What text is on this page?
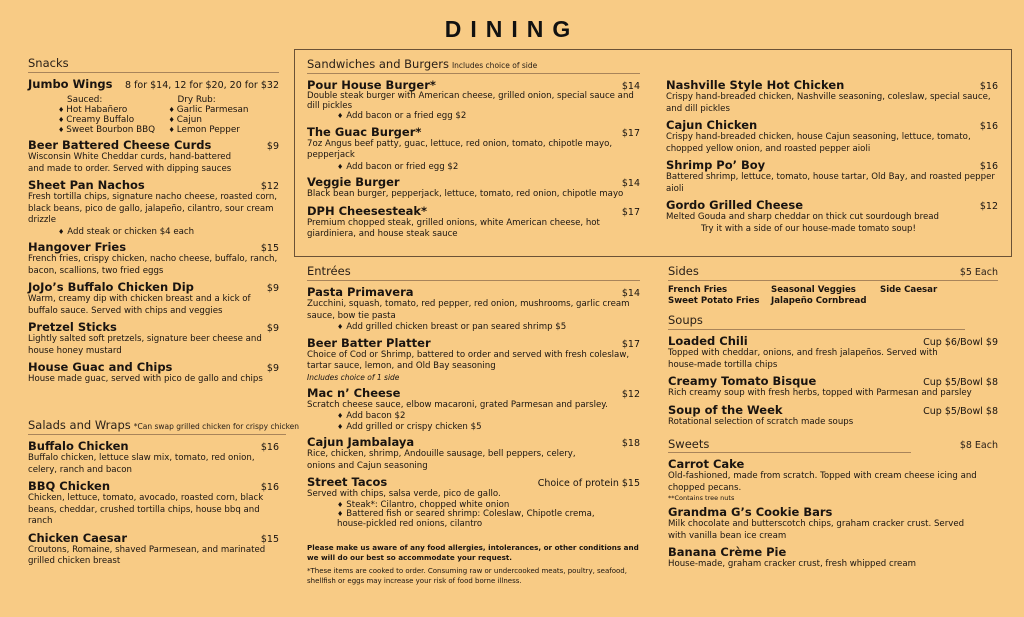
DINING
Snacks
Jumbo Wings 8 for $14, 12 for $20, 20 for $32
Sauced:
♦ Hot Habañero
♦ Creamy Buffalo
♦ Sweet Bourbon BBQ
Dry Rub:
♦ Garlic Parmesan
♦ Cajun
♦ Lemon Pepper
Beer Battered Cheese Curds	$9
Wisconsin White Cheddar curds, hand-battered and made to order. Served with dipping sauces
Sheet Pan Nachos	$12
Fresh tortilla chips, signature nacho cheese, roasted corn, black beans, pico de gallo, jalapeño, cilantro, sour cream drizzle
♦ Add steak or chicken $4 each
Hangover Fries	$15
French fries, crispy chicken, nacho cheese, buffalo, ranch, bacon, scallions, two fried eggs
JoJo’s Buffalo Chicken Dip	$9
Warm, creamy dip with chicken breast and a kick of buffalo sauce. Served with chips and veggies
Pretzel Sticks	$9
Lightly salted soft pretzels, signature beer cheese and house honey mustard
House Guac and Chips	$9
House made guac, served with pico de gallo and chips
Salads and Wraps *Can swap grilled chicken for crispy chicken
Buffalo Chicken	$16
Buffalo chicken, lettuce slaw mix, tomato, red onion, celery, ranch and bacon
BBQ Chicken	$16
Chicken, lettuce, tomato, avocado, roasted corn, black beans, cheddar, crushed tortilla chips, house bbq and ranch
Chicken Caesar	$15
Croutons, Romaine, shaved Parmesean, and marinated grilled chicken breast
Sandwiches and Burgers Includes choice of side
Pour House Burger*	$14
Double steak burger with American cheese, grilled onion, special sauce and dill pickles
♦ Add bacon or a fried egg $2
The Guac Burger*	$17
7oz Angus beef patty, guac, lettuce, red onion, tomato, chipotle mayo, pepperjack
♦ Add bacon or fried egg $2
Veggie Burger	$14
Black bean burger, pepperjack, lettuce, tomato, red onion, chipotle mayo
DPH Cheesesteak*	$17
Premium chopped steak, grilled onions, white American cheese, hot giardiniera, and house steak sauce
Nashville Style Hot Chicken	$16
Crispy hand-breaded chicken, Nashville seasoning, coleslaw, special sauce, and dill pickles
Cajun Chicken	$16
Crispy hand-breaded chicken, house Cajun seasoning, lettuce, tomato, chopped yellow onion, and roasted pepper aioli
Shrimp Po’ Boy	$16
Battered shrimp, lettuce, tomato, house tartar, Old Bay, and roasted pepper aioli
Gordo Grilled Cheese	$12
Melted Gouda and sharp cheddar on thick cut sourdough bread
Try it with a side of our house-made tomato soup!
Entrées
Pasta Primavera	$14
Zucchini, squash, tomato, red pepper, red onion, mushrooms, garlic cream sauce, bow tie pasta
♦ Add grilled chicken breast or pan seared shrimp $5
Beer Batter Platter	$17
Choice of Cod or Shrimp, battered to order and served with fresh coleslaw, tartar sauce, lemon, and Old Bay seasoning
Includes choice of 1 side
Mac n’ Cheese	$12
Scratch cheese sauce, elbow macaroni, grated Parmesan and parsley.
♦ Add bacon $2
♦ Add grilled or crispy chicken $5
Cajun Jambalaya	$18
Rice, chicken, shrimp, Andouille sausage, bell peppers, celery, onions and Cajun seasoning
Street Tacos	Choice of protein $15
Served with chips, salsa verde, pico de gallo.
♦ Steak*: Cilantro, chopped white onion
♦ Battered fish or seared shrimp: Coleslaw, Chipotle crema, house-pickled red onions, cilantro
Please make us aware of any food allergies, intolerances, or other conditions and we will do our best so accommodate your request.
*These items are cooked to order. Consuming raw or undercooked meats, poultry, seafood, shellfish or eggs may increase your risk of food borne illness.
Sides	$5 Each
French Fries	Seasonal Veggies	Side Caesar
Sweet Potato Fries	Jalapeño Cornbread
Soups
Loaded Chili	Cup $6/Bowl $9
Topped with cheddar, onions, and fresh jalapeños. Served with house-made tortilla chips
Creamy Tomato Bisque	Cup $5/Bowl $8
Rich creamy soup with fresh herbs, topped with Parmesan and parsley
Soup of the Week	Cup $5/Bowl $8
Rotational selection of scratch made soups
Sweets	$8 Each
Carrot Cake
Old-fashioned, made from scratch. Topped with cream cheese icing and chopped pecans.
**Contains tree nuts
Grandma G’s Cookie Bars
Milk chocolate and butterscotch chips, graham cracker crust. Served with vanilla bean ice cream
Banana Crème Pie
House-made, graham cracker crust, fresh whipped cream
